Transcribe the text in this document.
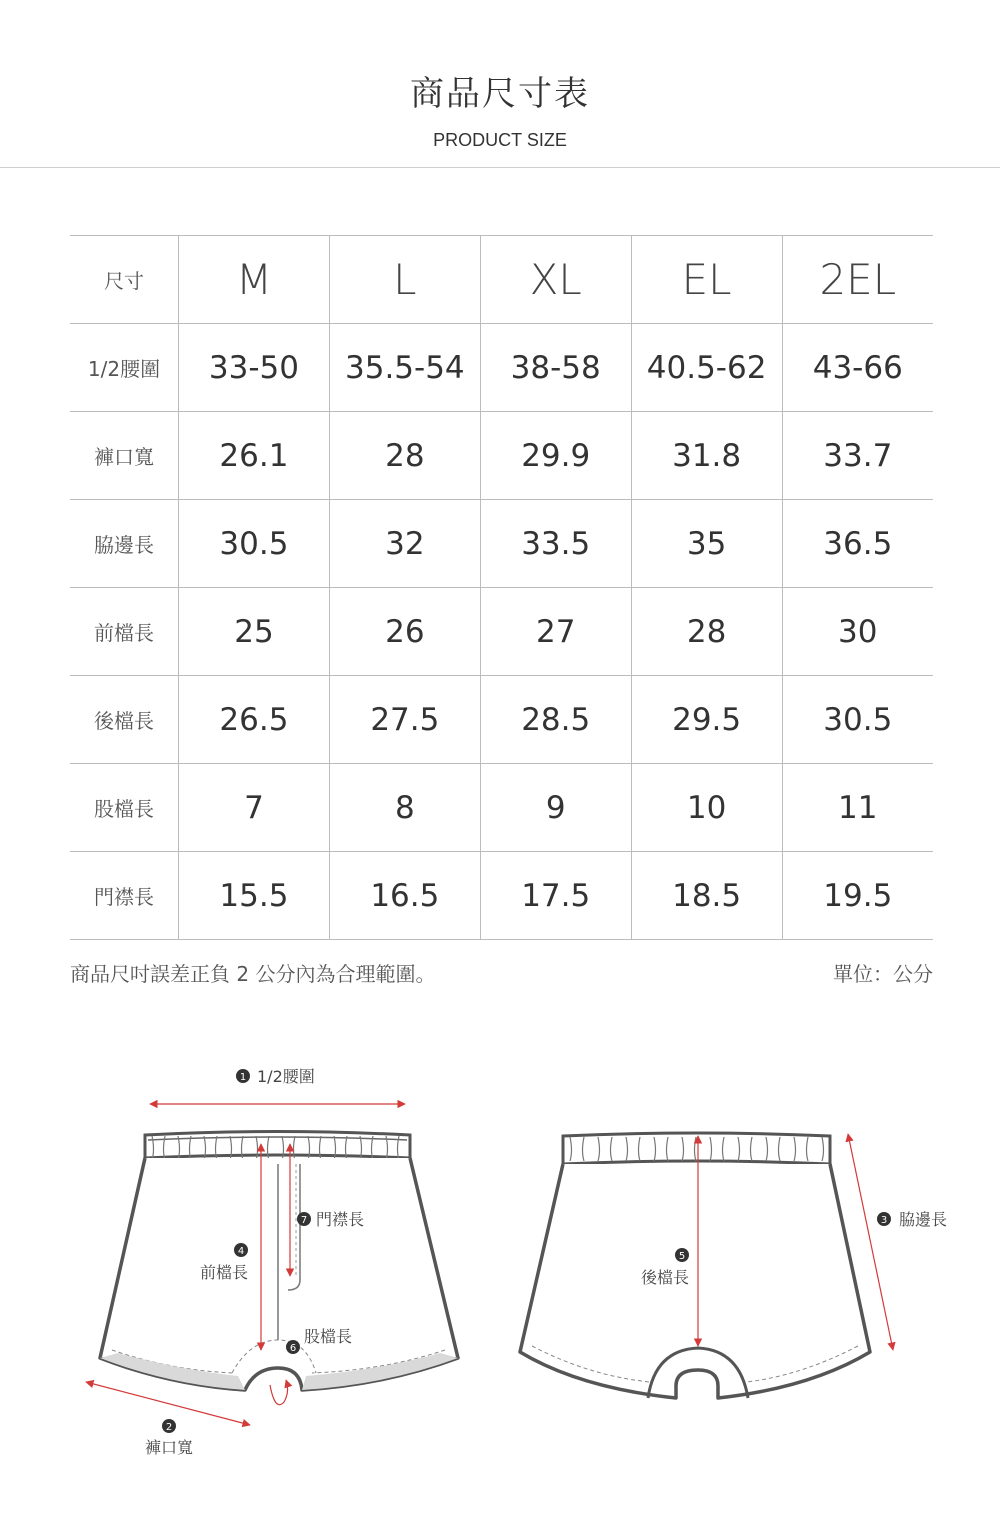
商品尺寸表
PRODUCT SIZE
尺寸	M	L	XL	EL	2EL
1/2腰圍	33-50	35.5-54	38-58	40.5-62	43-66
褲口寬	26.1	28	29.9	31.8	33.7
脇邊長	30.5	32	33.5	35	36.5
前檔長	25	26	27	28	30
後檔長	26.5	27.5	28.5	29.5	30.5
股檔長	7	8	9	10	11
門襟長	15.5	16.5	17.5	18.5	19.5
商品尺吋誤差正負 2 公分內為合理範圍。	單位：公分
1 1/2腰圍
2
褲口寬
4
前檔長
7 門襟長
6
股檔長
5
後檔長
3 脇邊長
